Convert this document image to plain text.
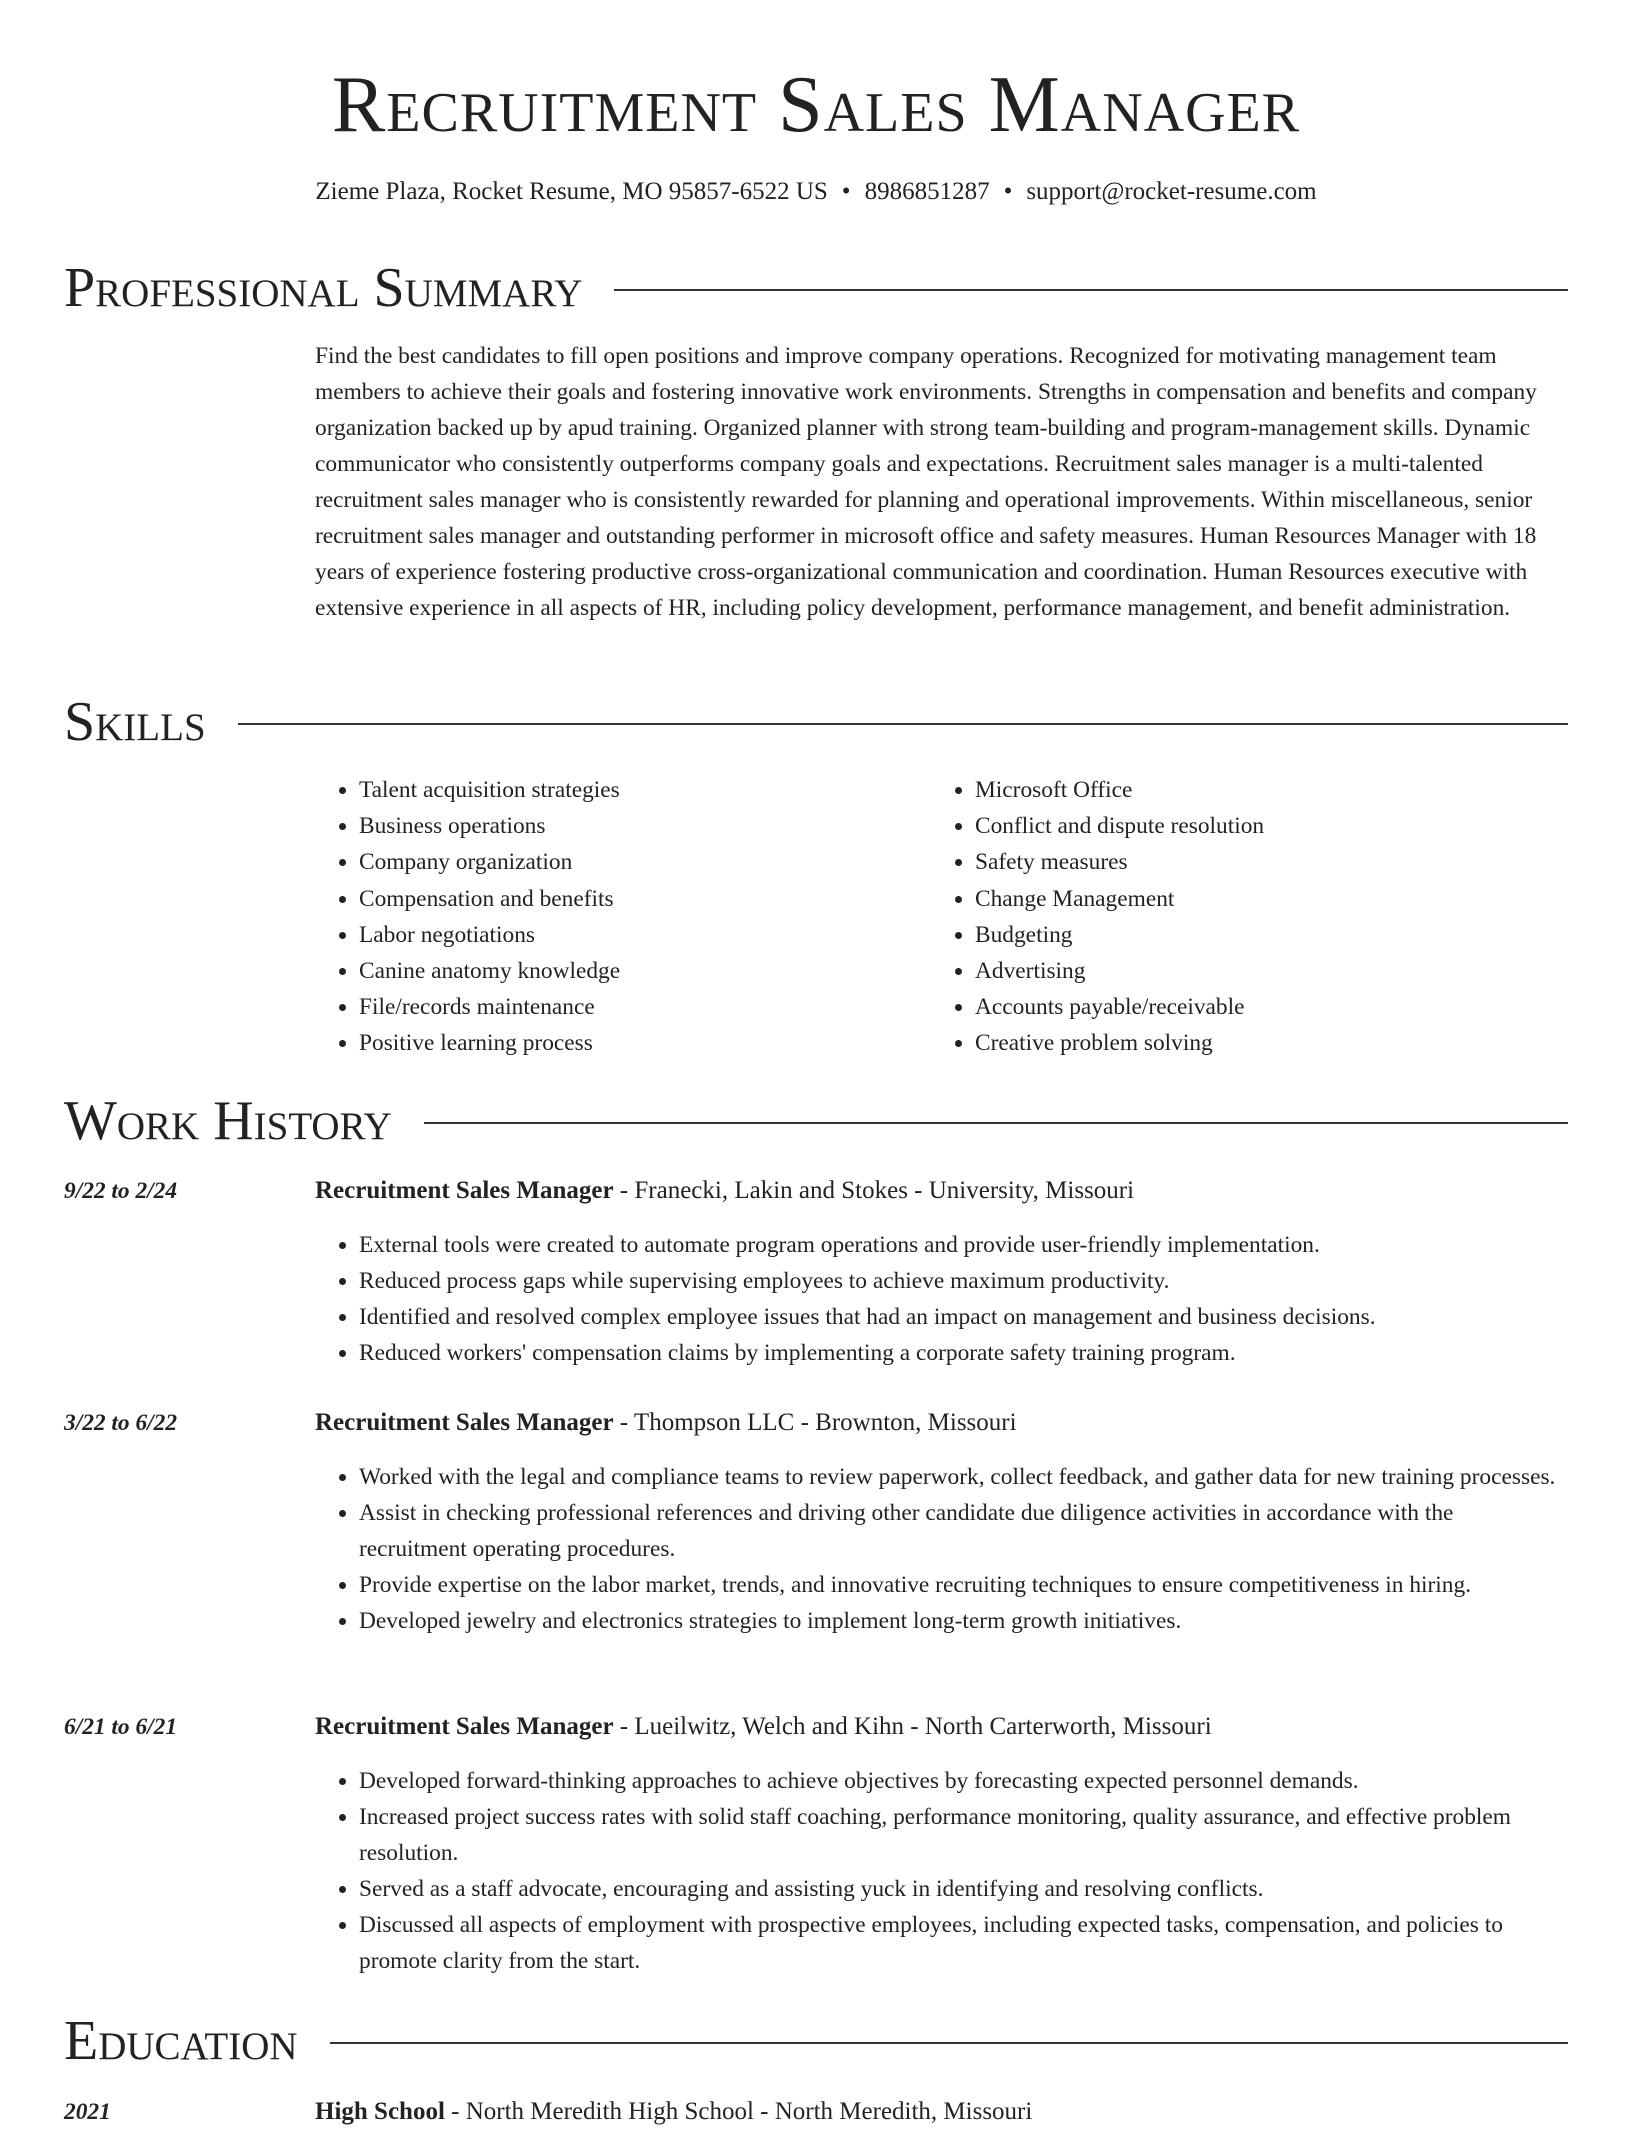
Recruitment Sales Manager
Zieme Plaza, Rocket Resume, MO 95857-6522 US • 8986851287 • support@rocket-resume.com
Professional Summary

Find the best candidates to fill open positions and improve company operations. Recognized for motivating management team members to achieve their goals and fostering innovative work environments. Strengths in compensation and benefits and company organization backed up by apud training. Organized planner with strong team-building and program-management skills. Dynamic communicator who consistently outperforms company goals and expectations. Recruitment sales manager is a multi-talented recruitment sales manager who is consistently rewarded for planning and operational improvements. Within miscellaneous, senior recruitment sales manager and outstanding performer in microsoft office and safety measures. Human Resources Manager with 18 years of experience fostering productive cross-organizational communication and coordination. Human Resources executive with extensive experience in all aspects of HR, including policy development, performance management, and benefit administration.

Skills
• Talent acquisition strategies
• Business operations
• Company organization
• Compensation and benefits
• Labor negotiations
• Canine anatomy knowledge
• File/records maintenance
• Positive learning process
• Microsoft Office
• Conflict and dispute resolution
• Safety measures
• Change Management
• Budgeting
• Advertising
• Accounts payable/receivable
• Creative problem solving
Work History
9/22 to 2/24	Recruitment Sales Manager - Franecki, Lakin and Stokes - University, Missouri
• External tools were created to automate program operations and provide user-friendly implementation.
• Reduced process gaps while supervising employees to achieve maximum productivity.
• Identified and resolved complex employee issues that had an impact on management and business decisions.
• Reduced workers' compensation claims by implementing a corporate safety training program.
3/22 to 6/22	Recruitment Sales Manager - Thompson LLC - Brownton, Missouri
• Worked with the legal and compliance teams to review paperwork, collect feedback, and gather data for new training processes.
• Assist in checking professional references and driving other candidate due diligence activities in accordance with the recruitment operating procedures.
• Provide expertise on the labor market, trends, and innovative recruiting techniques to ensure competitiveness in hiring.
• Developed jewelry and electronics strategies to implement long-term growth initiatives.
6/21 to 6/21	Recruitment Sales Manager - Lueilwitz, Welch and Kihn - North Carterworth, Missouri
• Developed forward-thinking approaches to achieve objectives by forecasting expected personnel demands.
• Increased project success rates with solid staff coaching, performance monitoring, quality assurance, and effective problem resolution.
• Served as a staff advocate, encouraging and assisting yuck in identifying and resolving conflicts.
• Discussed all aspects of employment with prospective employees, including expected tasks, compensation, and policies to promote clarity from the start.
Education
2021	High School - North Meredith High School - North Meredith, Missouri
